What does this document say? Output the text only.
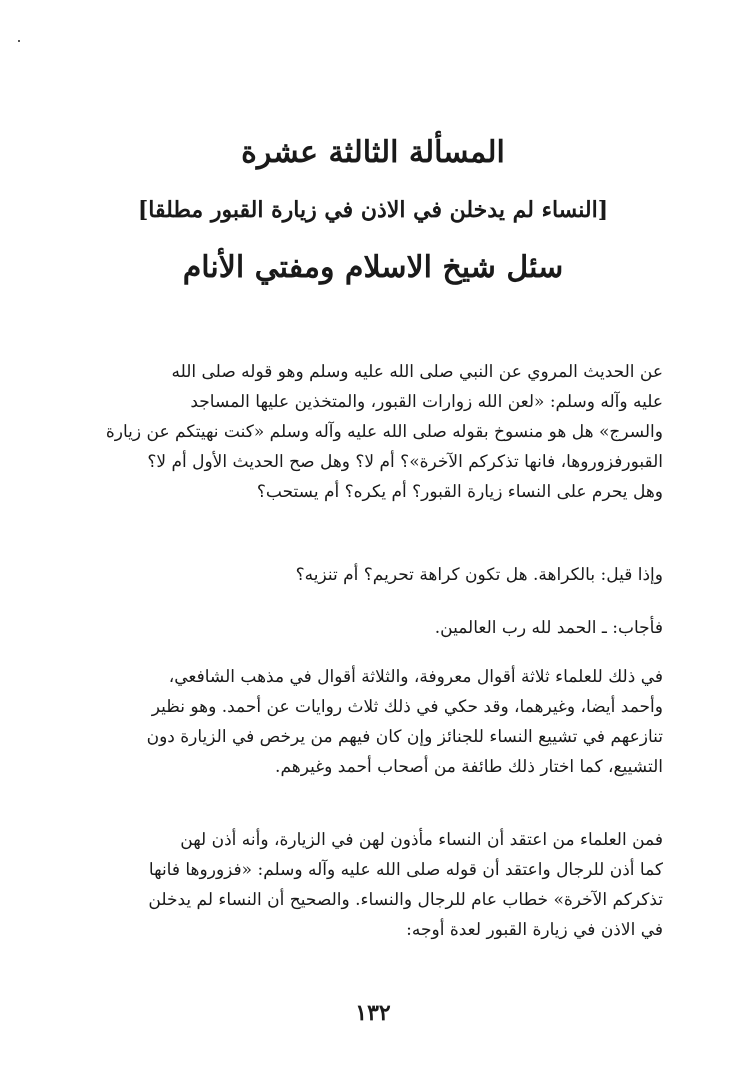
المسألة الثالثة عشرة
[النساء لم يدخلن في الاذن في زيارة القبور مطلقا]
سئل شيخ الاسلام ومفتي الأنام
عن الحديث المروي عن النبي صلى الله عليه وسلم وهو قوله صلى الله
عليه وآله وسلم: «لعن الله زوارات القبور، والمتخذين عليها المساجد
والسرج» هل هو منسوخ بقوله صلى الله عليه وآله وسلم «كنت نهيتكم عن زيارة
القبورفزوروها، فانها تذكركم الآخرة»؟ أم لا؟ وهل صح الحديث الأول أم لا؟
وهل يحرم على النساء زيارة القبور؟ أم يكره؟ أم يستحب؟
وإذا قيل: بالكراهة. هل تكون كراهة تحريم؟ أم تنزيه؟
فأجاب: ـ الحمد لله رب العالمين.
في ذلك للعلماء ثلاثة أقوال معروفة، والثلاثة أقوال في مذهب الشافعي،
وأحمد أيضا، وغيرهما، وقد حكي في ذلك ثلاث روايات عن أحمد. وهو نظير
تنازعهم في تشييع النساء للجنائز وإن كان فيهم من يرخص في الزيارة دون
التشييع، كما اختار ذلك طائفة من أصحاب أحمد وغيرهم.
فمن العلماء من اعتقد أن النساء مأذون لهن في الزيارة، وأنه أذن لهن
كما أذن للرجال واعتقد أن قوله صلى الله عليه وآله وسلم: «فزوروها فانها
تذكركم الآخرة» خطاب عام للرجال والنساء. والصحيح أن النساء لم يدخلن
في الاذن في زيارة القبور لعدة أوجه:
١٣٢
